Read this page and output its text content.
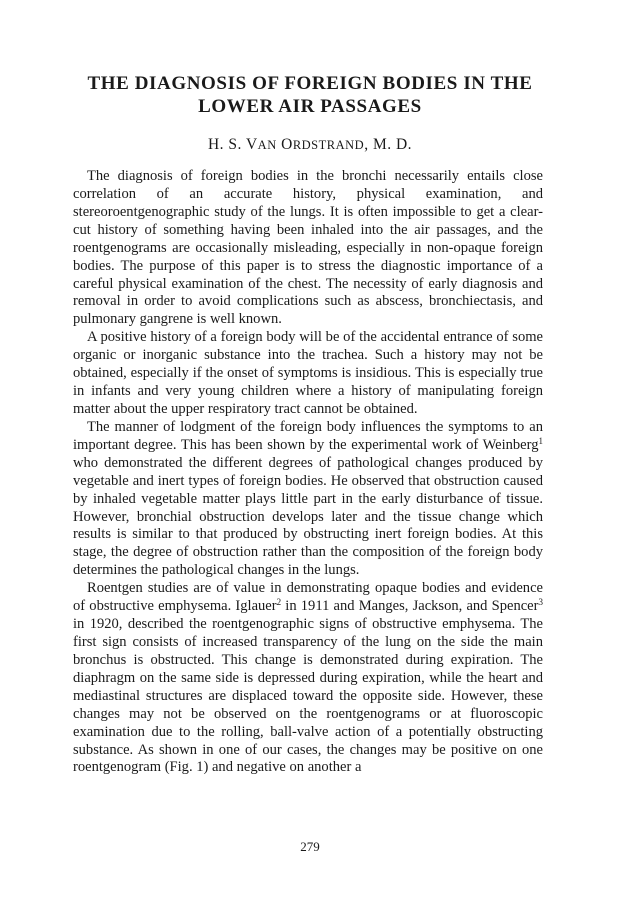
THE DIAGNOSIS OF FOREIGN BODIES IN THE
LOWER AIR PASSAGES
H. S. VAN ORDSTRAND, M. D.

The diagnosis of foreign bodies in the bronchi necessarily entails close correlation of an accurate history, physical examination, and stereoroentgenographic study of the lungs. It is often impossible to get a clear-cut history of something having been inhaled into the air passages, and the roentgenograms are occasionally misleading, especially in non-opaque foreign bodies. The purpose of this paper is to stress the diagnostic importance of a careful physical examination of the chest. The necessity of early diagnosis and removal in order to avoid complications such as abscess, bronchiectasis, and pulmonary gangrene is well known.

A positive history of a foreign body will be of the accidental entrance of some organic or inorganic substance into the trachea. Such a history may not be obtained, especially if the onset of symptoms is insidious. This is especially true in infants and very young children where a history of manipulating foreign matter about the upper respiratory tract cannot be obtained.

The manner of lodgment of the foreign body influences the symptoms to an important degree. This has been shown by the experimental work of Weinberg$^1$ who demonstrated the different degrees of pathological changes produced by vegetable and inert types of foreign bodies. He observed that obstruction caused by inhaled vegetable matter plays little part in the early disturbance of tissue. However, bronchial obstruction develops later and the tissue change which results is similar to that produced by obstructing inert foreign bodies. At this stage, the degree of obstruction rather than the composition of the foreign body determines the pathological changes in the lungs.

Roentgen studies are of value in demonstrating opaque bodies and evidence of obstructive emphysema. Iglauer$^2$ in 1911 and Manges, Jackson, and Spencer$^3$ in 1920, described the roentgenographic signs of obstructive emphysema. The first sign consists of increased transparency of the lung on the side the main bronchus is obstructed. This change is demonstrated during expiration. The diaphragm on the same side is depressed during expiration, while the heart and mediastinal structures are displaced toward the opposite side. However, these changes may not be observed on the roentgenograms or at fluoroscopic examination due to the rolling, ball-valve action of a potentially obstructing substance. As shown in one of our cases, the changes may be positive on one roentgenogram (Fig. 1) and negative on another a

279
